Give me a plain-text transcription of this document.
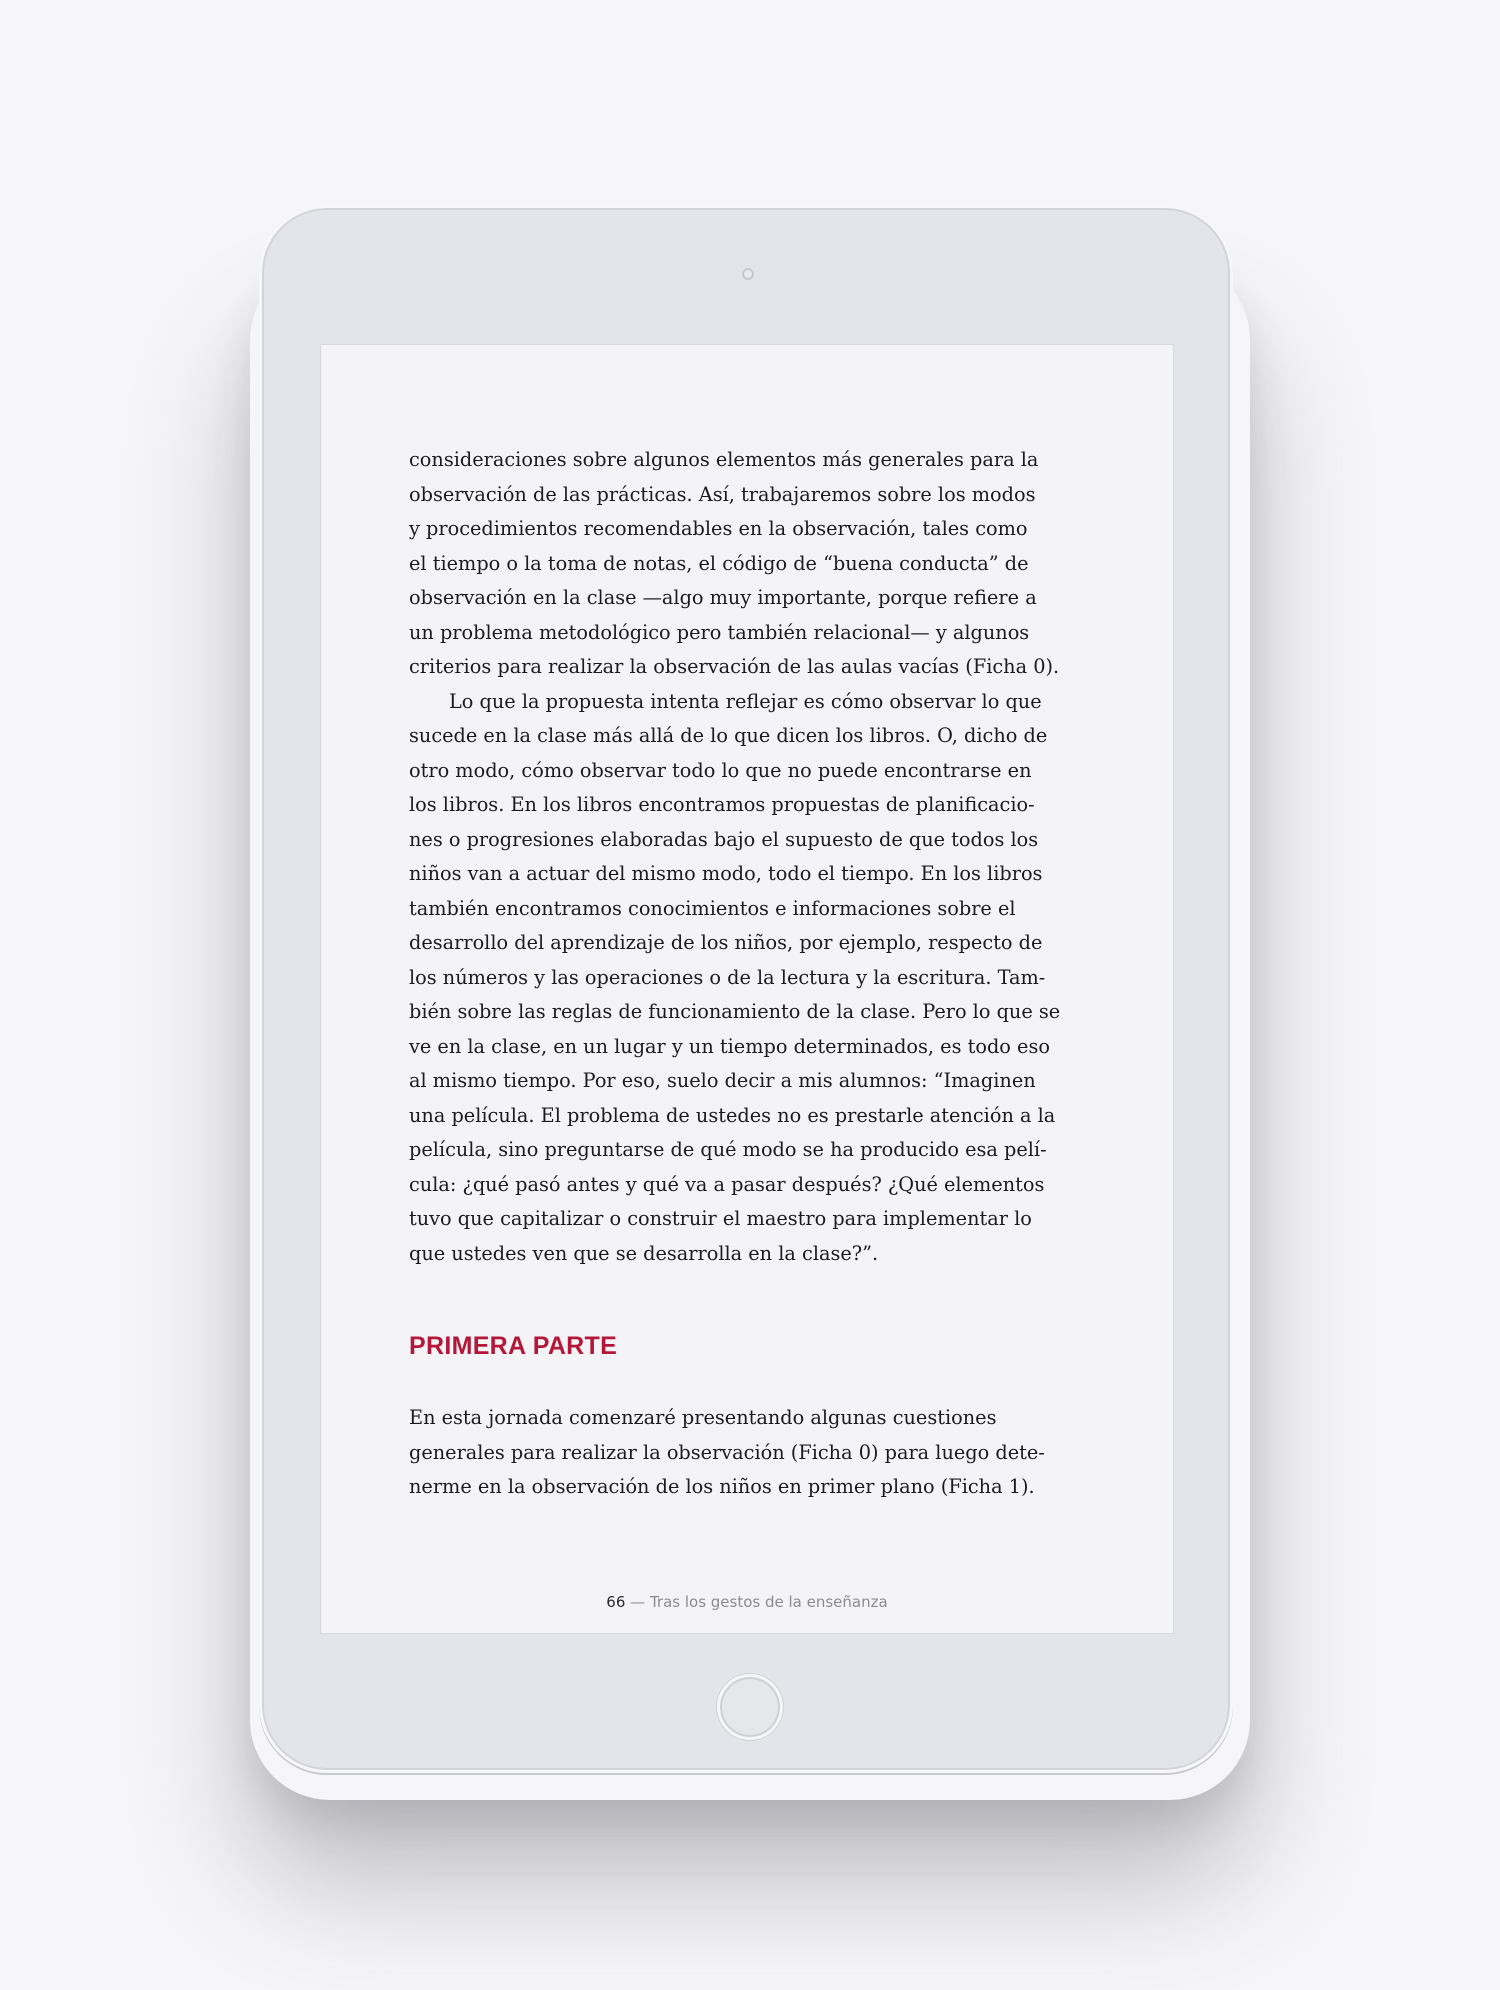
consideraciones sobre algunos elementos más generales para la
observación de las prácticas. Así, trabajaremos sobre los modos
y procedimientos recomendables en la observación, tales como
el tiempo o la toma de notas, el código de “buena conducta” de
observación en la clase —algo muy importante, porque refiere a
un problema metodológico pero también relacional— y algunos
criterios para realizar la observación de las aulas vacías (Ficha 0).

Lo que la propuesta intenta reflejar es cómo observar lo que
sucede en la clase más allá de lo que dicen los libros. O, dicho de
otro modo, cómo observar todo lo que no puede encontrarse en
los libros. En los libros encontramos propuestas de planificacio-
nes o progresiones elaboradas bajo el supuesto de que todos los
niños van a actuar del mismo modo, todo el tiempo. En los libros
también encontramos conocimientos e informaciones sobre el
desarrollo del aprendizaje de los niños, por ejemplo, respecto de
los números y las operaciones o de la lectura y la escritura. Tam-
bién sobre las reglas de funcionamiento de la clase. Pero lo que se
ve en la clase, en un lugar y un tiempo determinados, es todo eso
al mismo tiempo. Por eso, suelo decir a mis alumnos: “Imaginen
una película. El problema de ustedes no es prestarle atención a la
película, sino preguntarse de qué modo se ha producido esa pelí-
cula: ¿qué pasó antes y qué va a pasar después? ¿Qué elementos
tuvo que capitalizar o construir el maestro para implementar lo
que ustedes ven que se desarrolla en la clase?”.

PRIMERA PARTE

En esta jornada comenzaré presentando algunas cuestiones
generales para realizar la observación (Ficha 0) para luego dete-
nerme en la observación de los niños en primer plano (Ficha 1).

66 — Tras los gestos de la enseñanza
